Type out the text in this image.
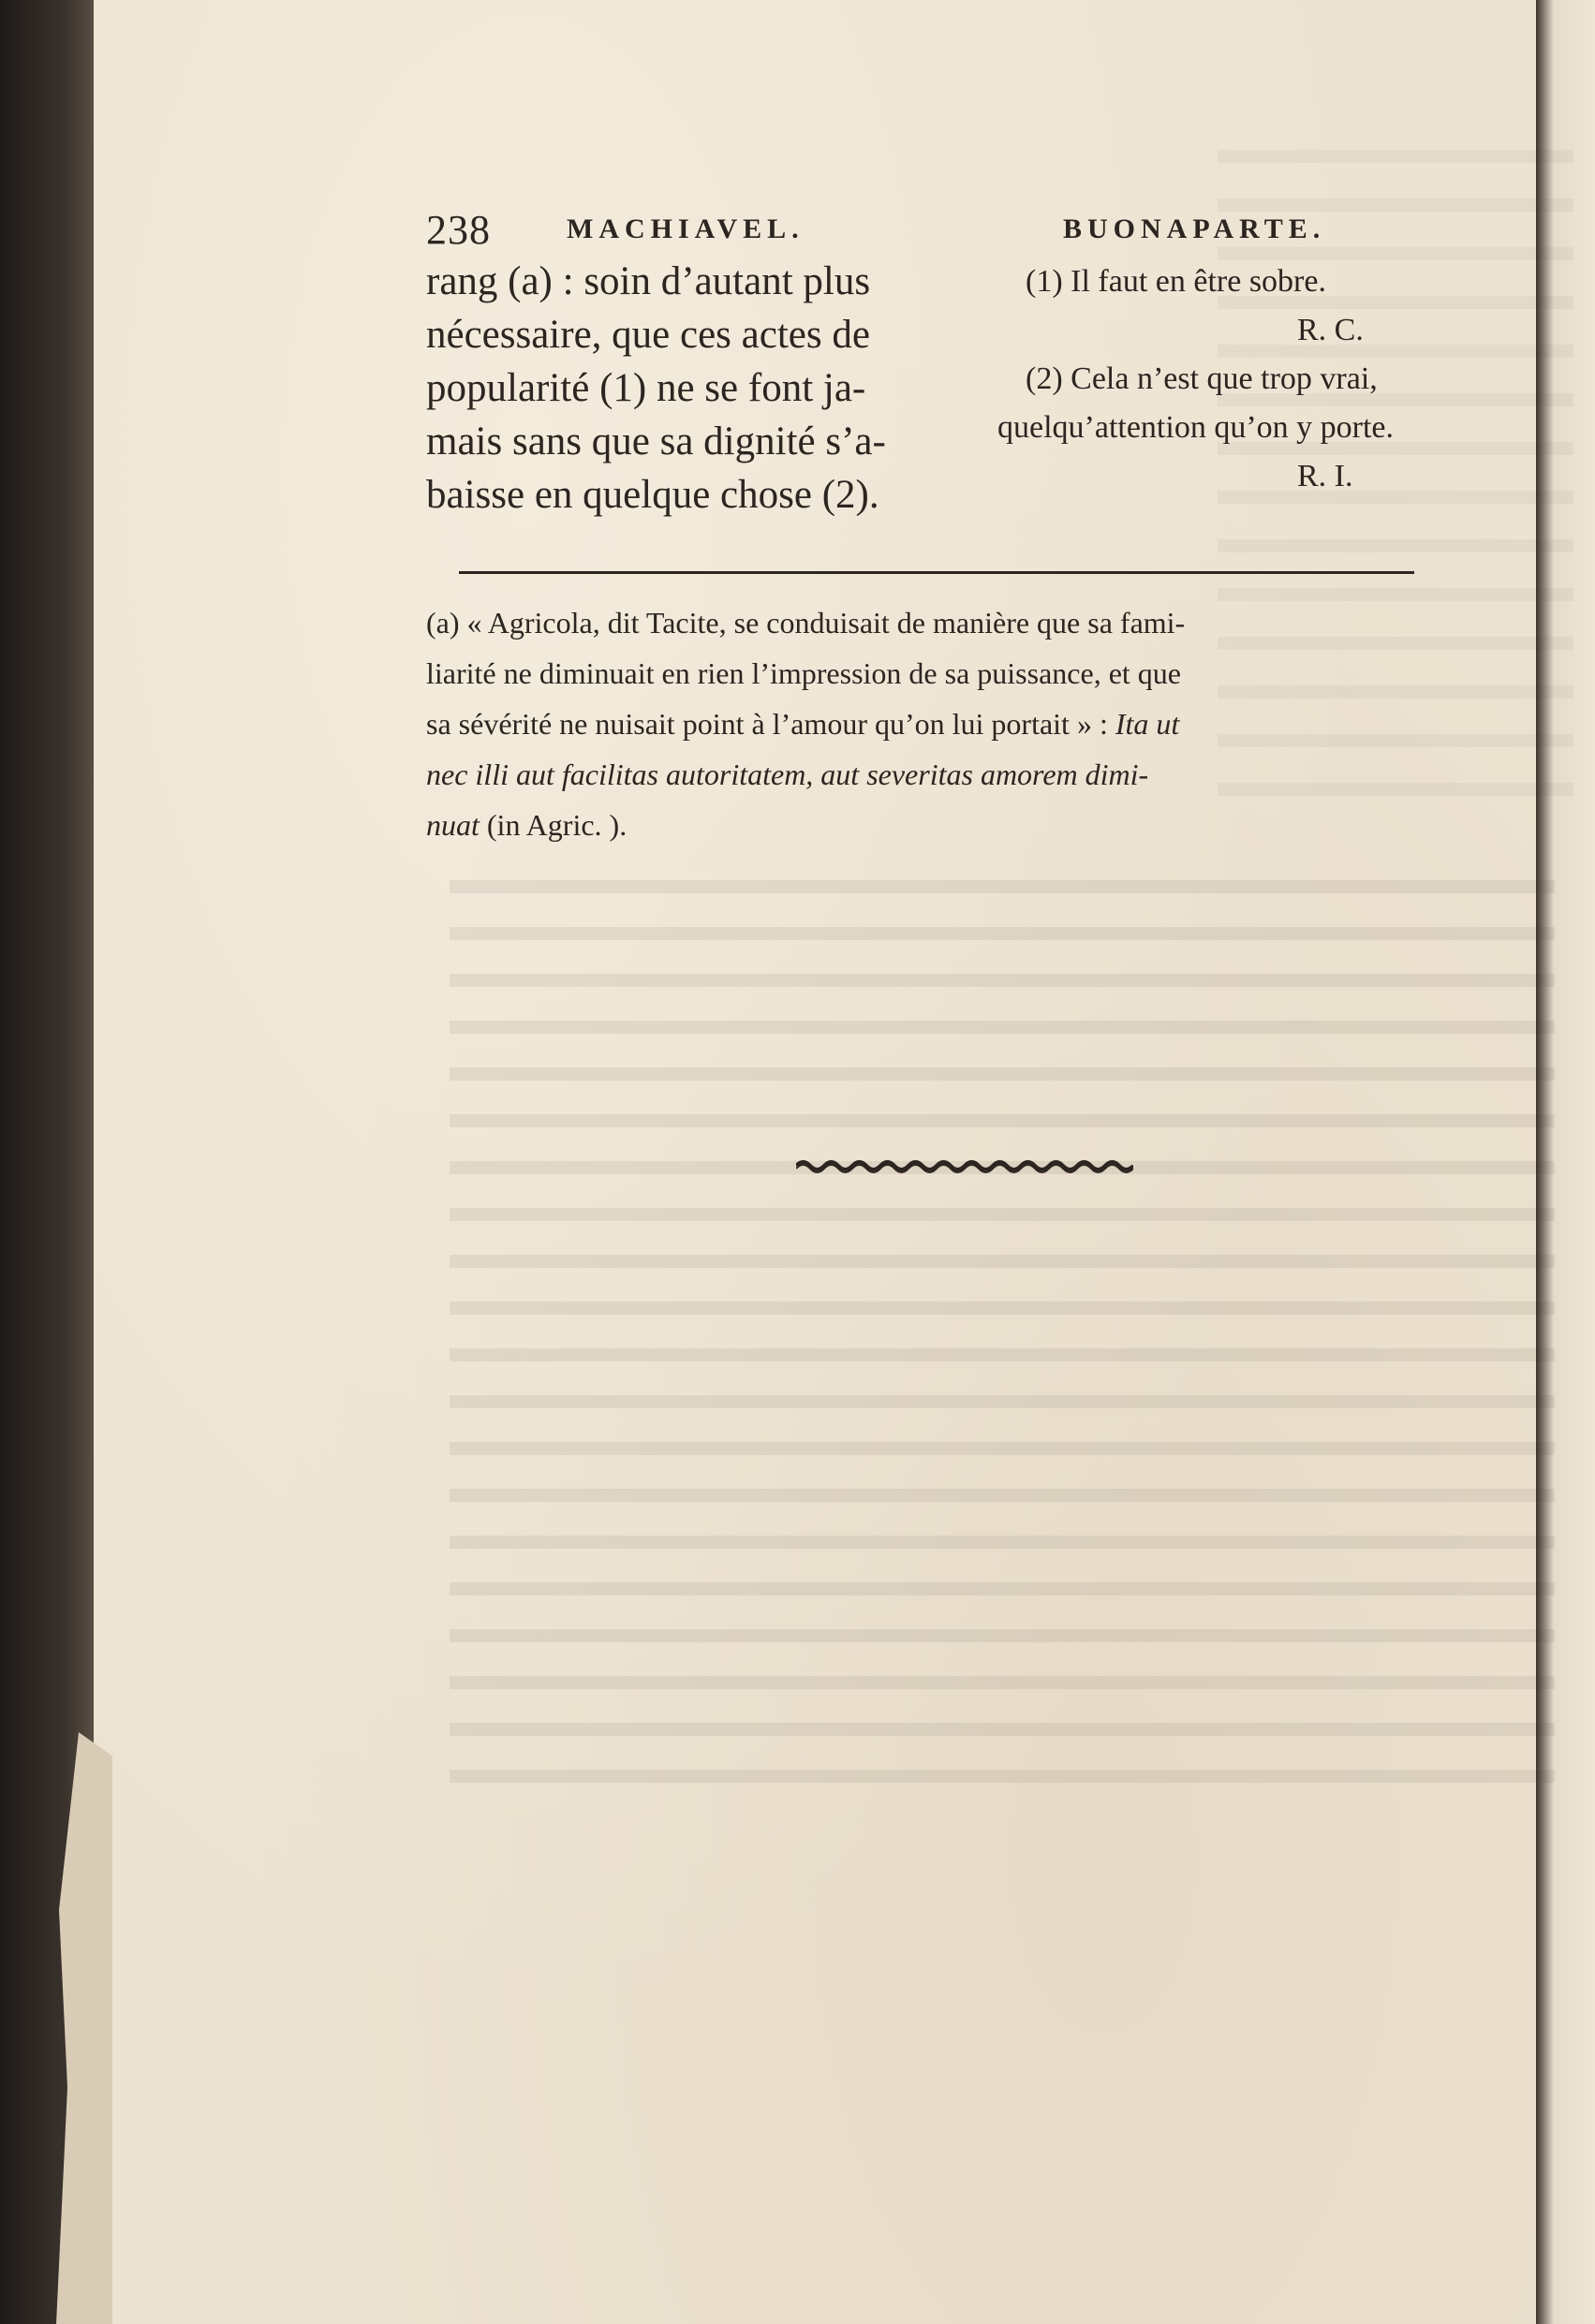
238	MACHIAVEL.	BUONAPARTE.
rang (a) : soin d’autant plus
nécessaire, que ces actes de
popularité (1) ne se font ja-
mais sans que sa dignité s’a-
baisse en quelque chose (2).
(1) Il faut en être sobre.
R. C.
(2) Cela n’est que trop vrai,
quelqu’attention qu’on y porte.
R. I.
(a) « Agricola, dit Tacite, se conduisait de manière que sa fami-
liarité ne diminuait en rien l’impression de sa puissance, et que
sa sévérité ne nuisait point à l’amour qu’on lui portait » : Ita ut
nec illi aut facilitas autoritatem, aut severitas amorem dimi-
nuat (in Agric. ).
